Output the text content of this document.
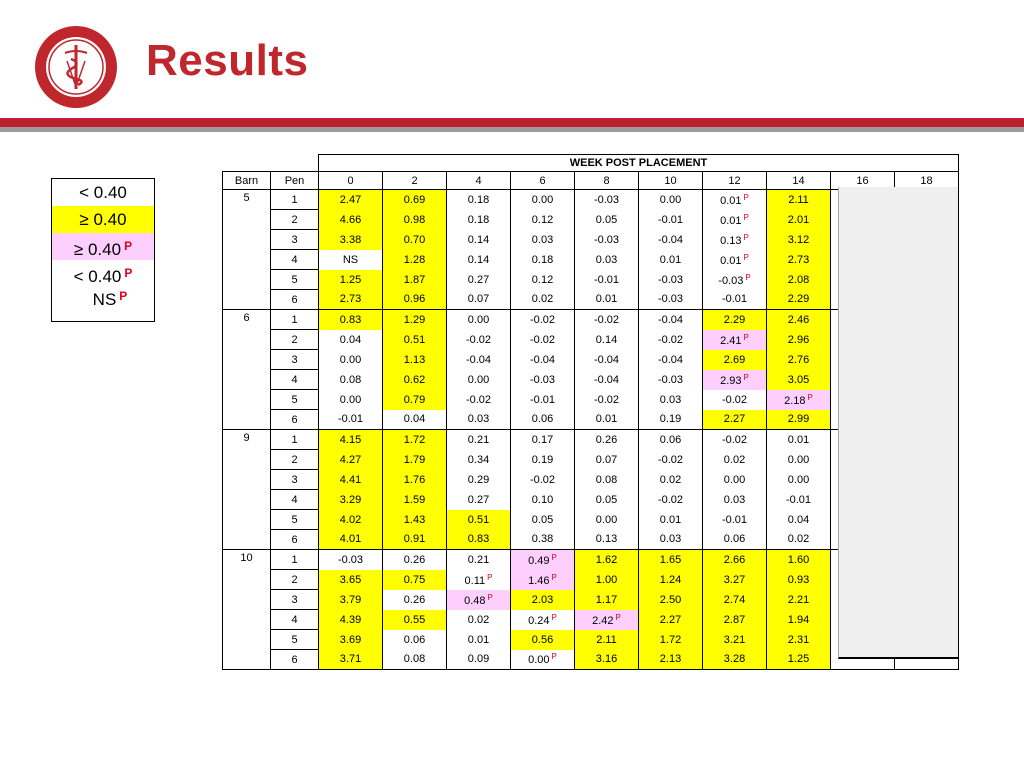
Results
< 0.40
≥ 0.40
≥ 0.40 $^P$
< 0.40 $^P$
NS $^P$
		WEEK POST PLACEMENT									
Barn	Pen	0	2	4	6	8	10	12	14	16	18
5	1	2.47	0.69	0.18	0.00	-0.03	0.00	0.01 $^P$	2.11		
	2	4.66	0.98	0.18	0.12	0.05	-0.01	0.01 $^P$	2.01		
	3	3.38	0.70	0.14	0.03	-0.03	-0.04	0.13 $^P$	3.12		
	4	NS	1.28	0.14	0.18	0.03	0.01	0.01 $^P$	2.73		
	5	1.25	1.87	0.27	0.12	-0.01	-0.03	-0.03 $^P$	2.08		
	6	2.73	0.96	0.07	0.02	0.01	-0.03	-0.01	2.29		
6	1	0.83	1.29	0.00	-0.02	-0.02	-0.04	2.29	2.46		
	2	0.04	0.51	-0.02	-0.02	0.14	-0.02	2.41 $^P$	2.96		
	3	0.00	1.13	-0.04	-0.04	-0.04	-0.04	2.69	2.76		
	4	0.08	0.62	0.00	-0.03	-0.04	-0.03	2.93 $^P$	3.05		
	5	0.00	0.79	-0.02	-0.01	-0.02	0.03	-0.02	2.18 $^P$		
	6	-0.01	0.04	0.03	0.06	0.01	0.19	2.27	2.99		
9	1	4.15	1.72	0.21	0.17	0.26	0.06	-0.02	0.01		
	2	4.27	1.79	0.34	0.19	0.07	-0.02	0.02	0.00		
	3	4.41	1.76	0.29	-0.02	0.08	0.02	0.00	0.00		
	4	3.29	1.59	0.27	0.10	0.05	-0.02	0.03	-0.01		
	5	4.02	1.43	0.51	0.05	0.00	0.01	-0.01	0.04		
	6	4.01	0.91	0.83	0.38	0.13	0.03	0.06	0.02		
10	1	-0.03	0.26	0.21	0.49 $^P$	1.62	1.65	2.66	1.60		
	2	3.65	0.75	0.11 $^P$	1.46 $^P$	1.00	1.24	3.27	0.93		
	3	3.79	0.26	0.48 $^P$	2.03	1.17	2.50	2.74	2.21		
	4	4.39	0.55	0.02	0.24 $^P$	2.42 $^P$	2.27	2.87	1.94		
	5	3.69	0.06	0.01	0.56	2.11	1.72	3.21	2.31		
	6	3.71	0.08	0.09	0.00 $^P$	3.16	2.13	3.28	1.25		
